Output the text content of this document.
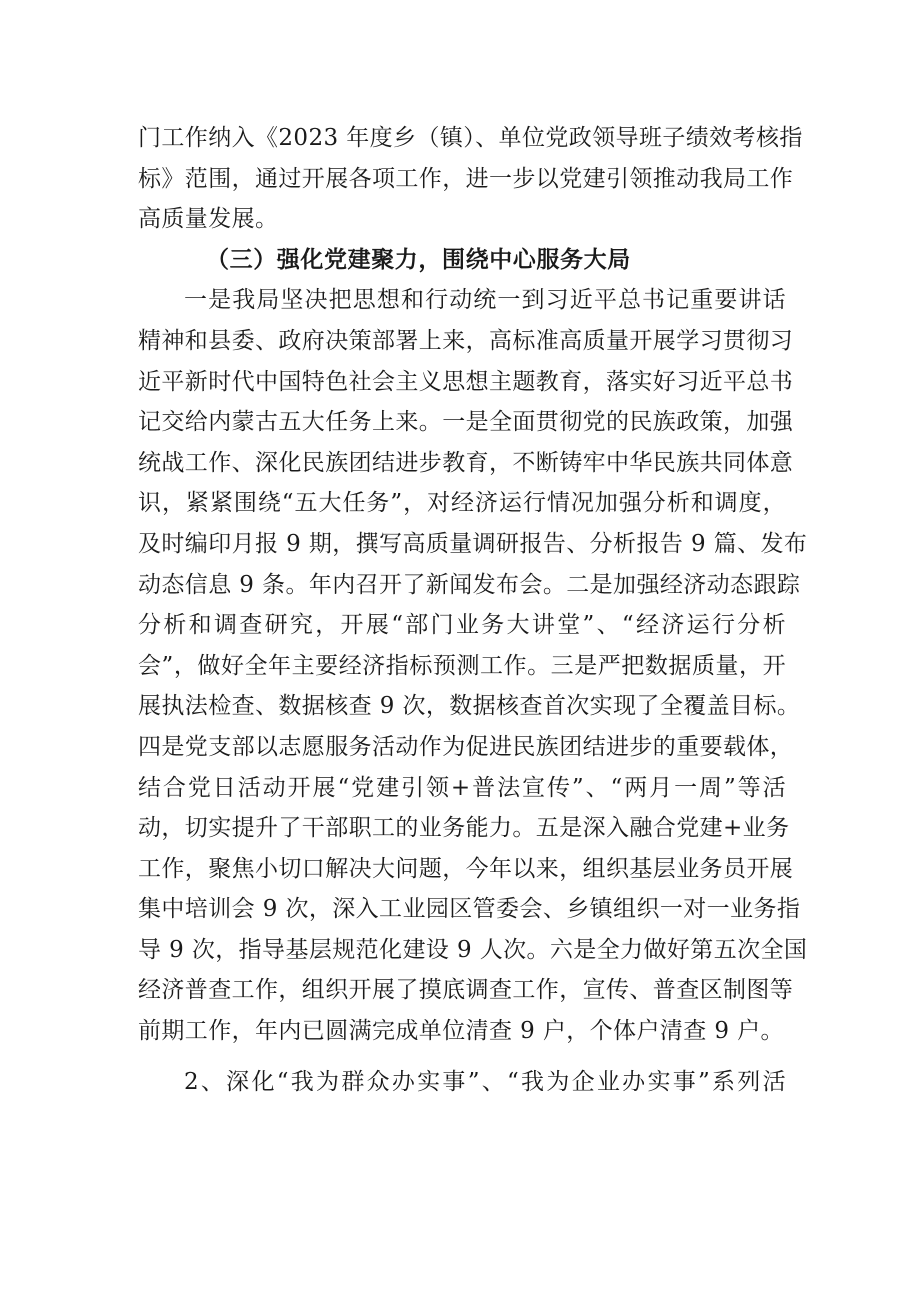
门工作纳入《2023 年度乡（镇）、单位党政领导班子绩效考核指
标》范围，通过开展各项工作，进一步以党建引领推动我局工作
高质量发展。
（三）强化党建聚力，围绕中心服务大局
一是我局坚决把思想和行动统一到习近平总书记重要讲话
精神和县委、政府决策部署上来，高标准高质量开展学习贯彻习
近平新时代中国特色社会主义思想主题教育，落实好习近平总书
记交给内蒙古五大任务上来。一是全面贯彻党的民族政策，加强
统战工作、深化民族团结进步教育，不断铸牢中华民族共同体意
识，紧紧围绕“五大任务”，对经济运行情况加强分析和调度，
及时编印月报 9 期，撰写高质量调研报告、分析报告 9 篇、发布
动态信息 9 条。年内召开了新闻发布会。二是加强经济动态跟踪
分析和调查研究，开展“部门业务大讲堂”、“经济运行分析
会”，做好全年主要经济指标预测工作。三是严把数据质量，开
展执法检查、数据核查 9 次，数据核查首次实现了全覆盖目标。
四是党支部以志愿服务活动作为促进民族团结进步的重要载体，
结合党日活动开展“党建引领+普法宣传”、“两月一周”等活
动，切实提升了干部职工的业务能力。五是深入融合党建+业务
工作，聚焦小切口解决大问题，今年以来，组织基层业务员开展
集中培训会 9 次，深入工业园区管委会、乡镇组织一对一业务指
导 9 次，指导基层规范化建设 9 人次。六是全力做好第五次全国
经济普查工作，组织开展了摸底调查工作，宣传、普查区制图等
前期工作，年内已圆满完成单位清查 9 户，个体户清查 9 户。
2、深化“我为群众办实事”、“我为企业办实事”系列活
